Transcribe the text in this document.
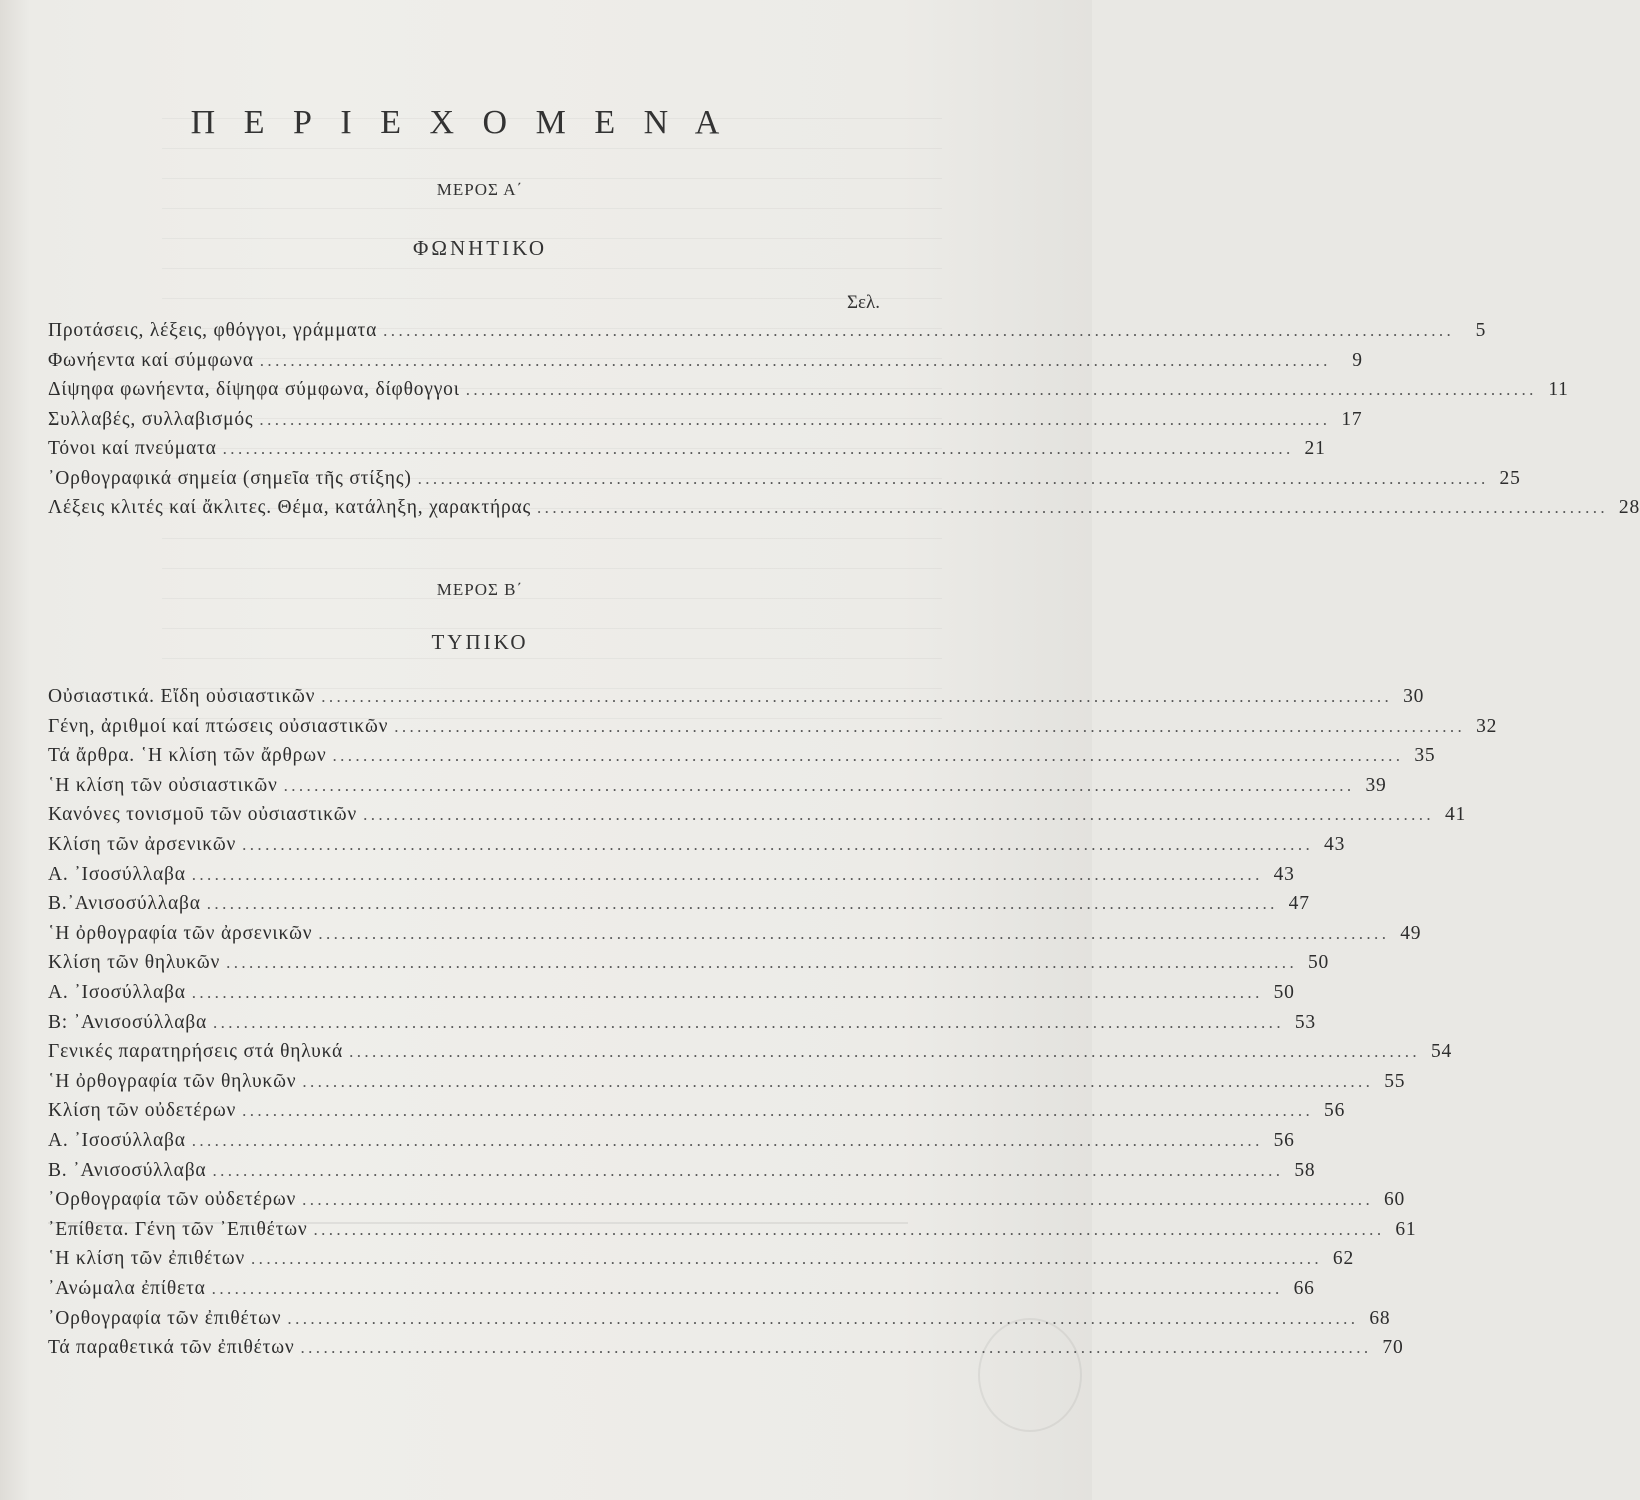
Π Ε Ρ Ι Ε Χ Ο Μ Ε Ν Α
ΜΕΡΟΣ Α΄
ΦΩΝΗΤΙΚΟ
Σελ.
Προτάσεις, λέξεις, φθόγγοι, γράμματα ............................................................................................................................................	5
Φωνήεντα καί σύμφωνα ............................................................................................................................................	9
Δίψηφα φωνήεντα, δίψηφα σύμφωνα, δίφθογγοι ............................................................................................................................................ 11
Συλλαβές, συλλαβισμός ............................................................................................................................................ 17
Τόνοι καί πνεύματα ............................................................................................................................................ 21
᾿Ορθογραφικά σημεία (σημεῖα τῆς στίξης) ............................................................................................................................................ 25
Λέξεις κλιτές καί ἄκλιτες. Θέμα, κατάληξη, χαρακτήρας ............................................................................................................................................ 28
ΜΕΡΟΣ Β΄
ΤΥΠΙΚΟ
Οὐσιαστικά. Εἴδη οὐσιαστικῶν ............................................................................................................................................ 30
Γένη, ἀριθμοί καί πτώσεις οὐσιαστικῶν ............................................................................................................................................ 32
Τά ἄρθρα. ῾Η κλίση τῶν ἄρθρων ............................................................................................................................................ 35
῾Η κλίση τῶν οὐσιαστικῶν ............................................................................................................................................ 39
Κανόνες τονισμοῦ τῶν οὐσιαστικῶν ............................................................................................................................................ 41
Κλίση τῶν ἀρσενικῶν ............................................................................................................................................ 43
Α. ᾿Ισοσύλλαβα ............................................................................................................................................ 43
Β.᾿Ανισοσύλλαβα ............................................................................................................................................ 47
῾Η ὀρθογραφία τῶν ἀρσενικῶν ............................................................................................................................................ 49
Κλίση τῶν θηλυκῶν ............................................................................................................................................ 50
Α. ᾿Ισοσύλλαβα ............................................................................................................................................ 50
Β: ᾿Ανισοσύλλαβα ............................................................................................................................................ 53
Γενικές παρατηρήσεις στά θηλυκά ............................................................................................................................................ 54
῾Η ὀρθογραφία τῶν θηλυκῶν ............................................................................................................................................ 55
Κλίση τῶν οὐδετέρων ............................................................................................................................................ 56
Α. ᾿Ισοσύλλαβα ............................................................................................................................................ 56
Β. ᾿Ανισοσύλλαβα ............................................................................................................................................ 58
᾿Ορθογραφία τῶν οὐδετέρων ............................................................................................................................................ 60
᾿Επίθετα. Γένη τῶν ᾿Επιθέτων ............................................................................................................................................ 61
῾Η κλίση τῶν ἐπιθέτων ............................................................................................................................................ 62
᾿Ανώμαλα ἐπίθετα ............................................................................................................................................ 66
᾿Ορθογραφία τῶν ἐπιθέτων ............................................................................................................................................ 68
Τά παραθετικά τῶν ἐπιθέτων ............................................................................................................................................ 70
